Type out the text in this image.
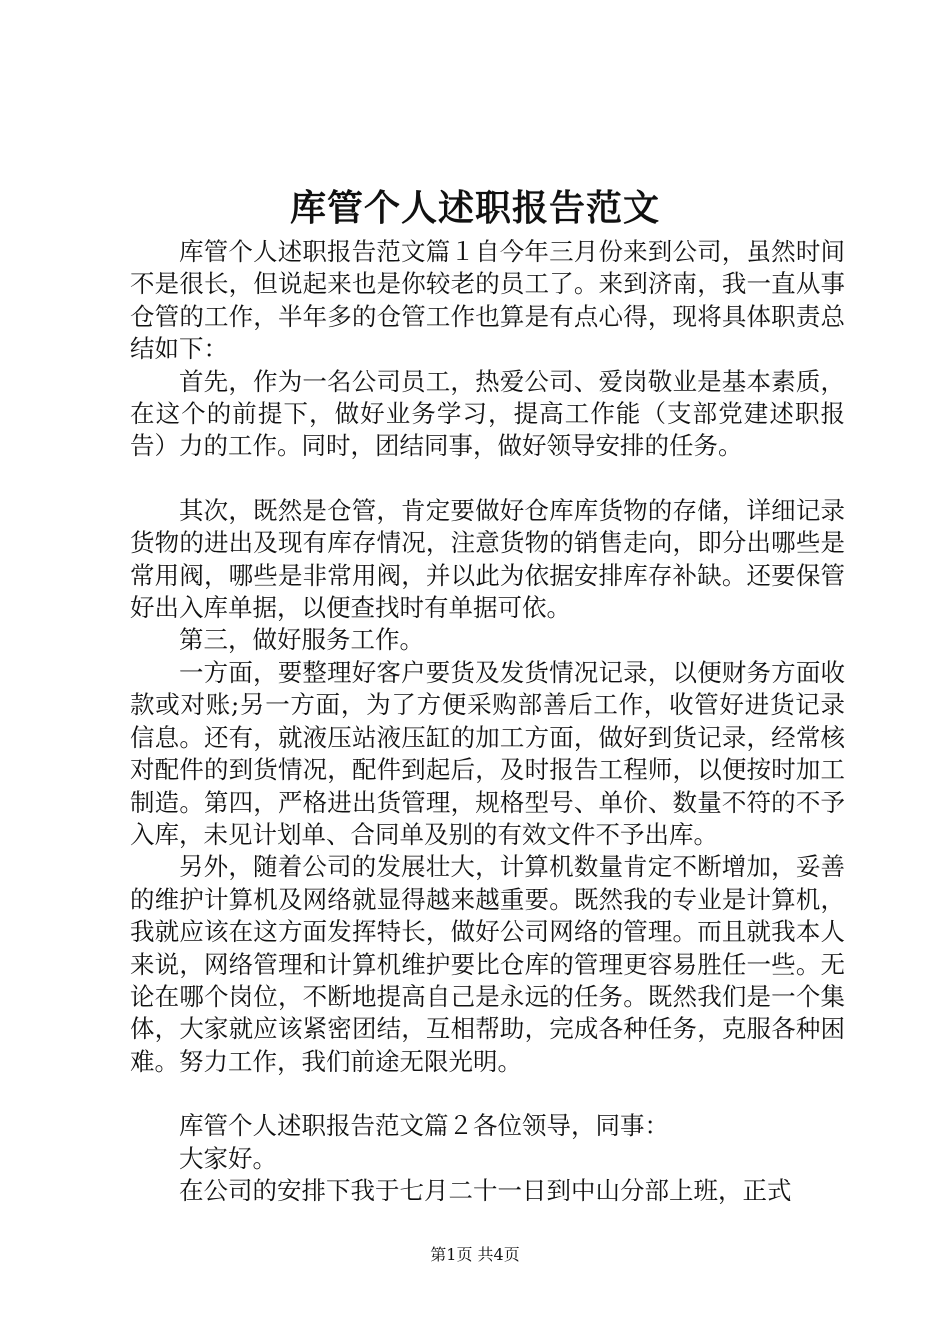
库管个人述职报告范文

库管个人述职报告范文篇１自今年三月份来到公司，虽然时间不是很长，但说起来也是你较老的员工了。来到济南，我一直从事仓管的工作，半年多的仓管工作也算是有点心得，现将具体职责总结如下：

首先，作为一名公司员工，热爱公司、爱岗敬业是基本素质，在这个的前提下，做好业务学习，提高工作能（支部党建述职报告）力的工作。同时，团结同事，做好领导安排的任务。

其次，既然是仓管，肯定要做好仓库库货物的存储，详细记录货物的进出及现有库存情况，注意货物的销售走向，即分出哪些是常用阀，哪些是非常用阀，并以此为依据安排库存补缺。还要保管好出入库单据，以便查找时有单据可依。

第三，做好服务工作。

一方面，要整理好客户要货及发货情况记录，以便财务方面收款或对账;另一方面，为了方便采购部善后工作，收管好进货记录信息。还有，就液压站液压缸的加工方面，做好到货记录，经常核对配件的到货情况，配件到起后，及时报告工程师，以便按时加工制造。第四，严格进出货管理，规格型号、单价、数量不符的不予入库，未见计划单、合同单及别的有效文件不予出库。

另外，随着公司的发展壮大，计算机数量肯定不断增加，妥善的维护计算机及网络就显得越来越重要。既然我的专业是计算机，我就应该在这方面发挥特长，做好公司网络的管理。而且就我本人来说，网络管理和计算机维护要比仓库的管理更容易胜任一些。无论在哪个岗位，不断地提高自己是永远的任务。既然我们是一个集体，大家就应该紧密团结，互相帮助，完成各种任务，克服各种困难。努力工作，我们前途无限光明。

库管个人述职报告范文篇２各位领导，同事：

大家好。

在公司的安排下我于七月二十一日到中山分部上班，正式

第1页 共4页
